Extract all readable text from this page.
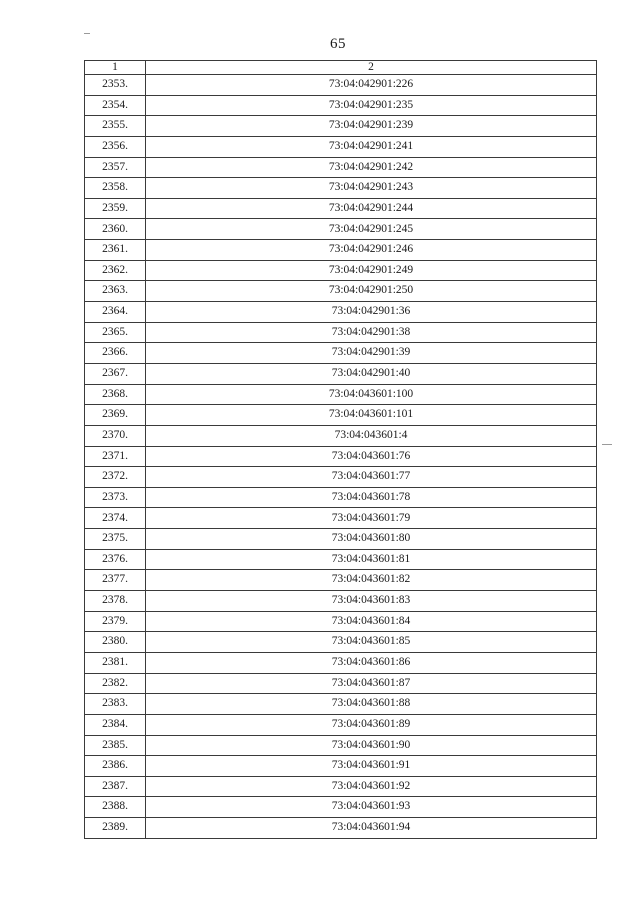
65
1	2
2353.	73:04:042901:226
2354.	73:04:042901:235
2355.	73:04:042901:239
2356.	73:04:042901:241
2357.	73:04:042901:242
2358.	73:04:042901:243
2359.	73:04:042901:244
2360.	73:04:042901:245
2361.	73:04:042901:246
2362.	73:04:042901:249
2363.	73:04:042901:250
2364.	73:04:042901:36
2365.	73:04:042901:38
2366.	73:04:042901:39
2367.	73:04:042901:40
2368.	73:04:043601:100
2369.	73:04:043601:101
2370.	73:04:043601:4
2371.	73:04:043601:76
2372.	73:04:043601:77
2373.	73:04:043601:78
2374.	73:04:043601:79
2375.	73:04:043601:80
2376.	73:04:043601:81
2377.	73:04:043601:82
2378.	73:04:043601:83
2379.	73:04:043601:84
2380.	73:04:043601:85
2381.	73:04:043601:86
2382.	73:04:043601:87
2383.	73:04:043601:88
2384.	73:04:043601:89
2385.	73:04:043601:90
2386.	73:04:043601:91
2387.	73:04:043601:92
2388.	73:04:043601:93
2389.	73:04:043601:94
